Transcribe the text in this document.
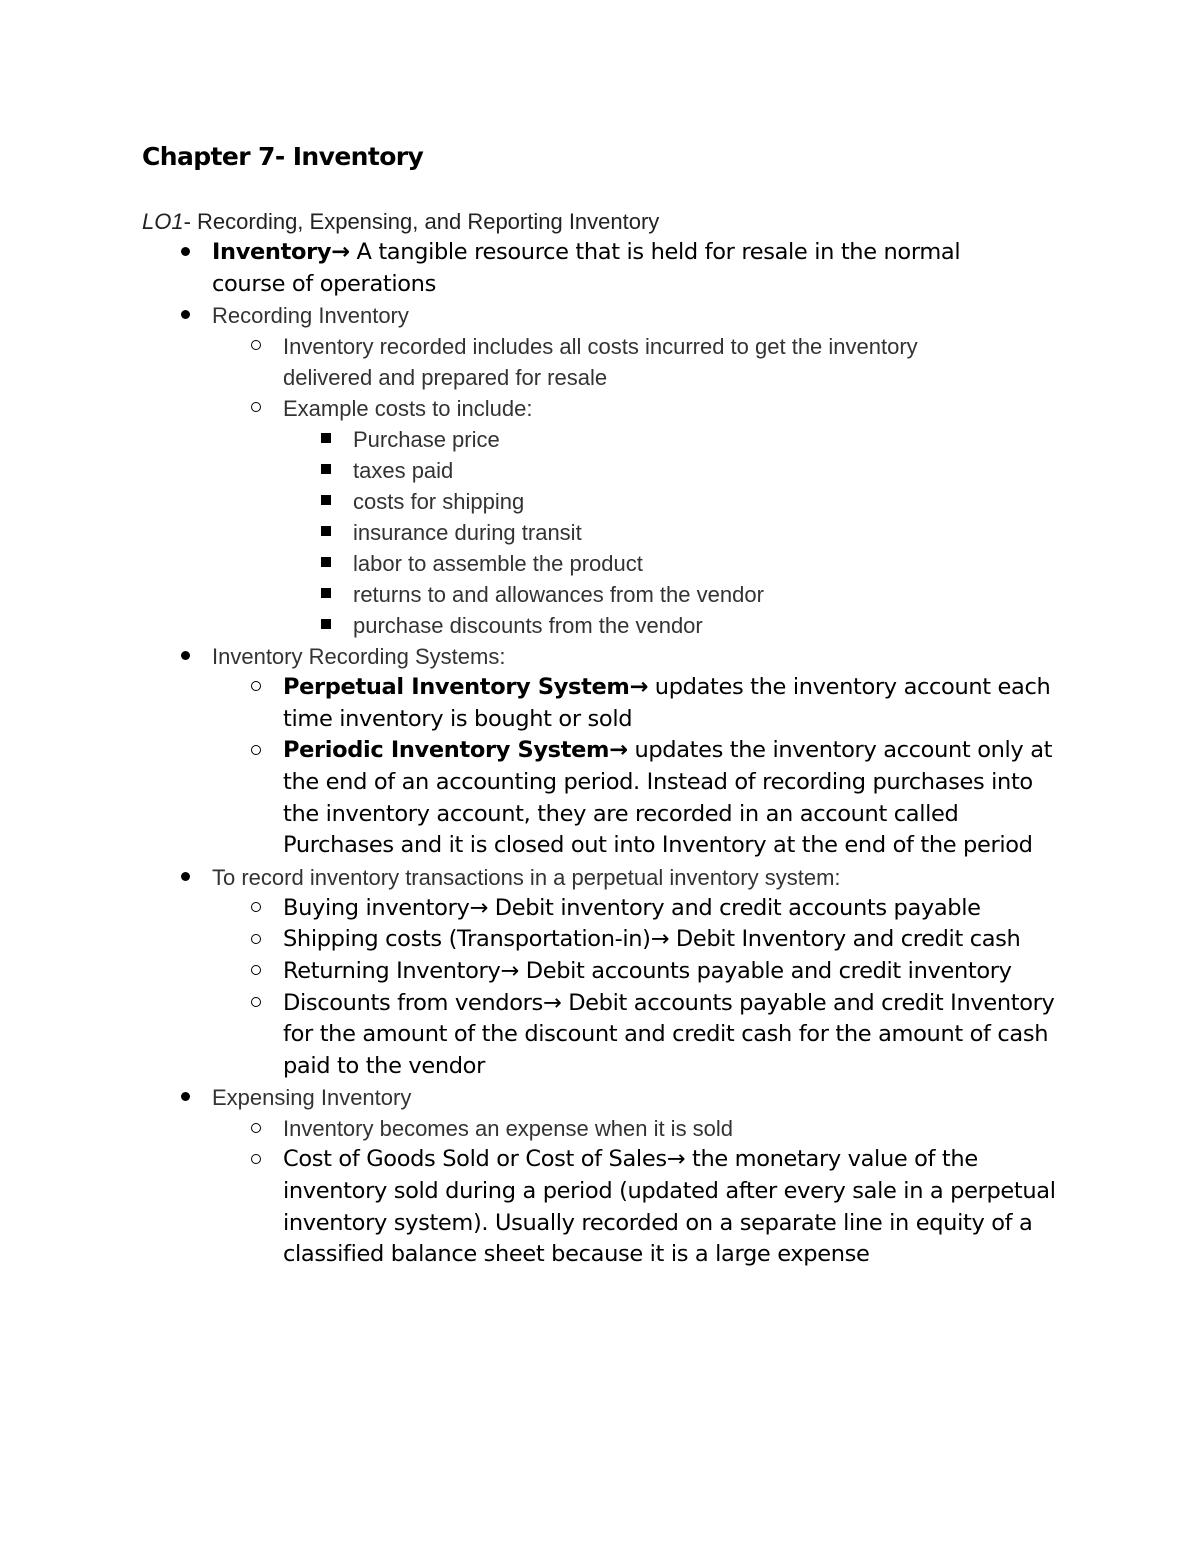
Chapter 7- Inventory
LO1- Recording, Expensing, and Reporting Inventory
Inventory→ A tangible resource that is held for resale in the normal course of operations
Recording Inventory
Inventory recorded includes all costs incurred to get the inventory delivered and prepared for resale
Example costs to include:
Purchase price
taxes paid
costs for shipping
insurance during transit
labor to assemble the product
returns to and allowances from the vendor
purchase discounts from the vendor
Inventory Recording Systems:
Perpetual Inventory System→ updates the inventory account each time inventory is bought or sold
Periodic Inventory System→ updates the inventory account only at the end of an accounting period. Instead of recording purchases into the inventory account, they are recorded in an account called Purchases and it is closed out into Inventory at the end of the period
To record inventory transactions in a perpetual inventory system:
Buying inventory→ Debit inventory and credit accounts payable
Shipping costs (Transportation-in)→ Debit Inventory and credit cash
Returning Inventory→ Debit accounts payable and credit inventory
Discounts from vendors→ Debit accounts payable and credit Inventory for the amount of the discount and credit cash for the amount of cash paid to the vendor
Expensing Inventory
Inventory becomes an expense when it is sold
Cost of Goods Sold or Cost of Sales→ the monetary value of the inventory sold during a period (updated after every sale in a perpetual inventory system). Usually recorded on a separate line in equity of a classified balance sheet because it is a large expense
